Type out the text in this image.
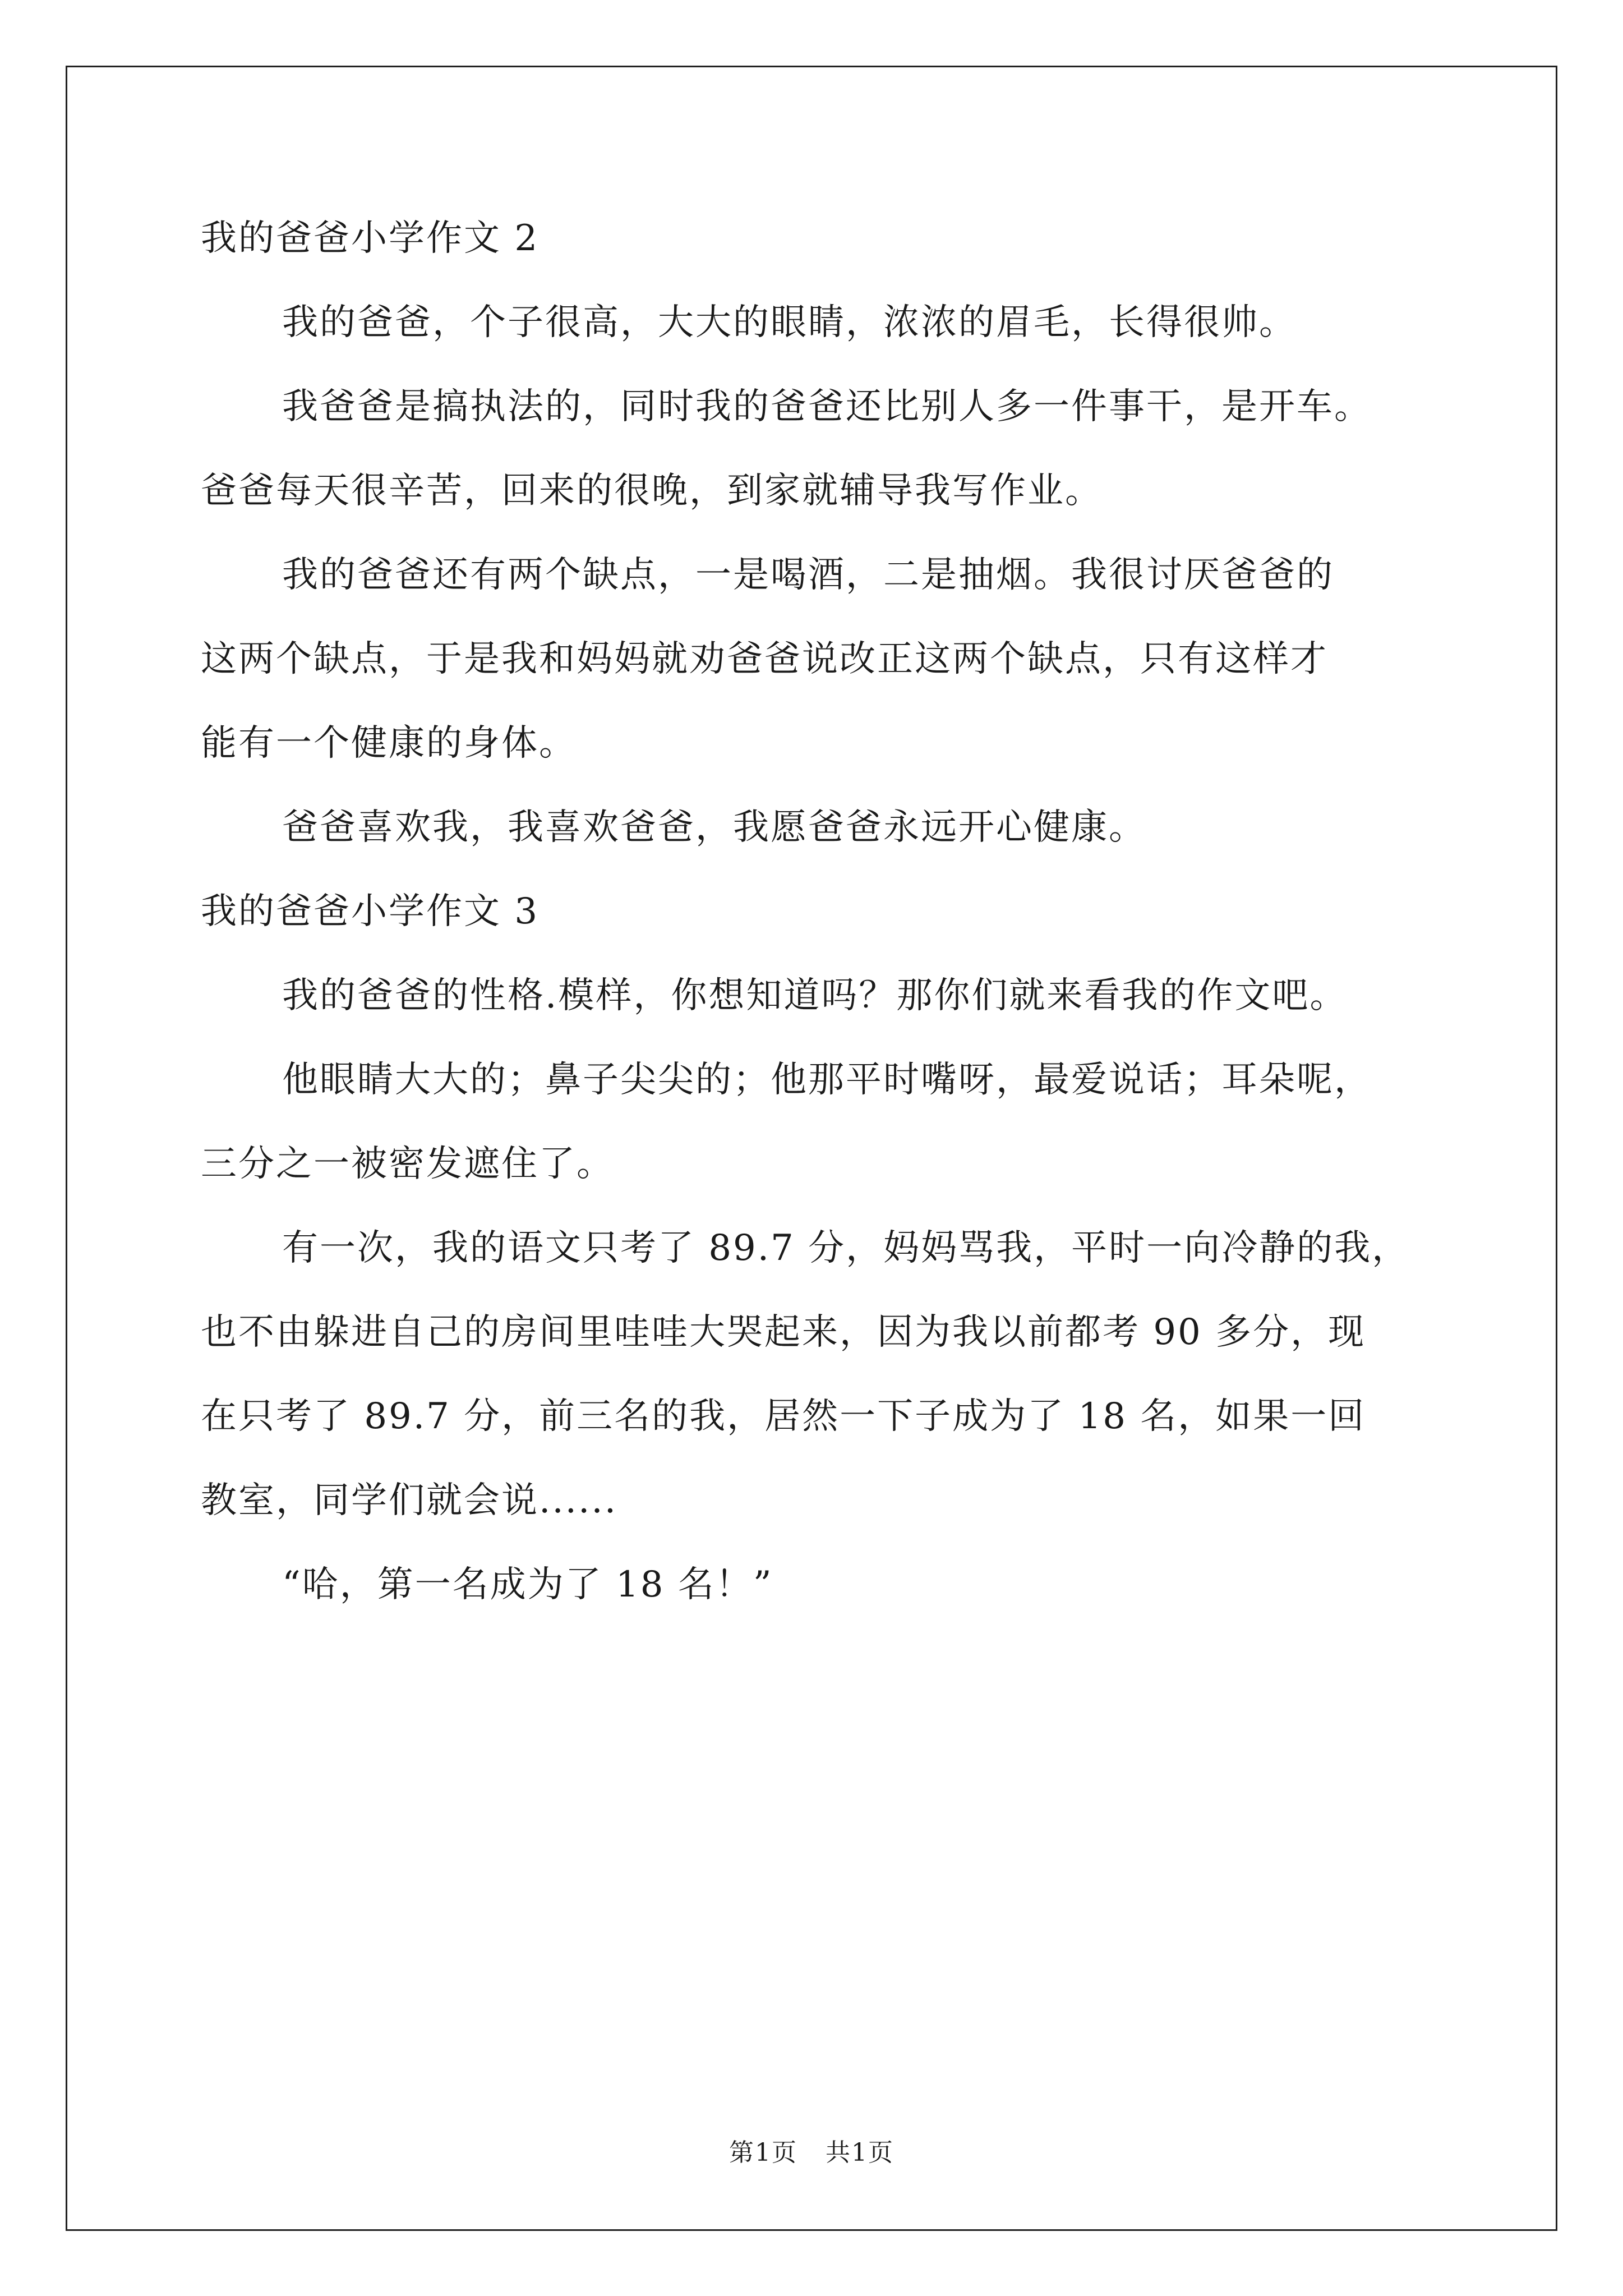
我的爸爸小学作文 2
我的爸爸，个子很高，大大的眼睛，浓浓的眉毛，长得很帅。
我爸爸是搞执法的，同时我的爸爸还比别人多一件事干，是开车。
爸爸每天很辛苦，回来的很晚，到家就辅导我写作业。
我的爸爸还有两个缺点，一是喝酒，二是抽烟。我很讨厌爸爸的
这两个缺点，于是我和妈妈就劝爸爸说改正这两个缺点，只有这样才
能有一个健康的身体。
爸爸喜欢我，我喜欢爸爸，我愿爸爸永远开心健康。
我的爸爸小学作文 3
我的爸爸的性格.模样，你想知道吗？那你们就来看我的作文吧。
他眼睛大大的；鼻子尖尖的；他那平时嘴呀，最爱说话；耳朵呢，
三分之一被密发遮住了。
有一次，我的语文只考了 89.7 分，妈妈骂我，平时一向冷静的我，
也不由躲进自己的房间里哇哇大哭起来，因为我以前都考 90 多分，现
在只考了 89.7 分，前三名的我，居然一下子成为了 18 名，如果一回
教室，同学们就会说......
“哈，第一名成为了 18 名！”
第1页 共1页
